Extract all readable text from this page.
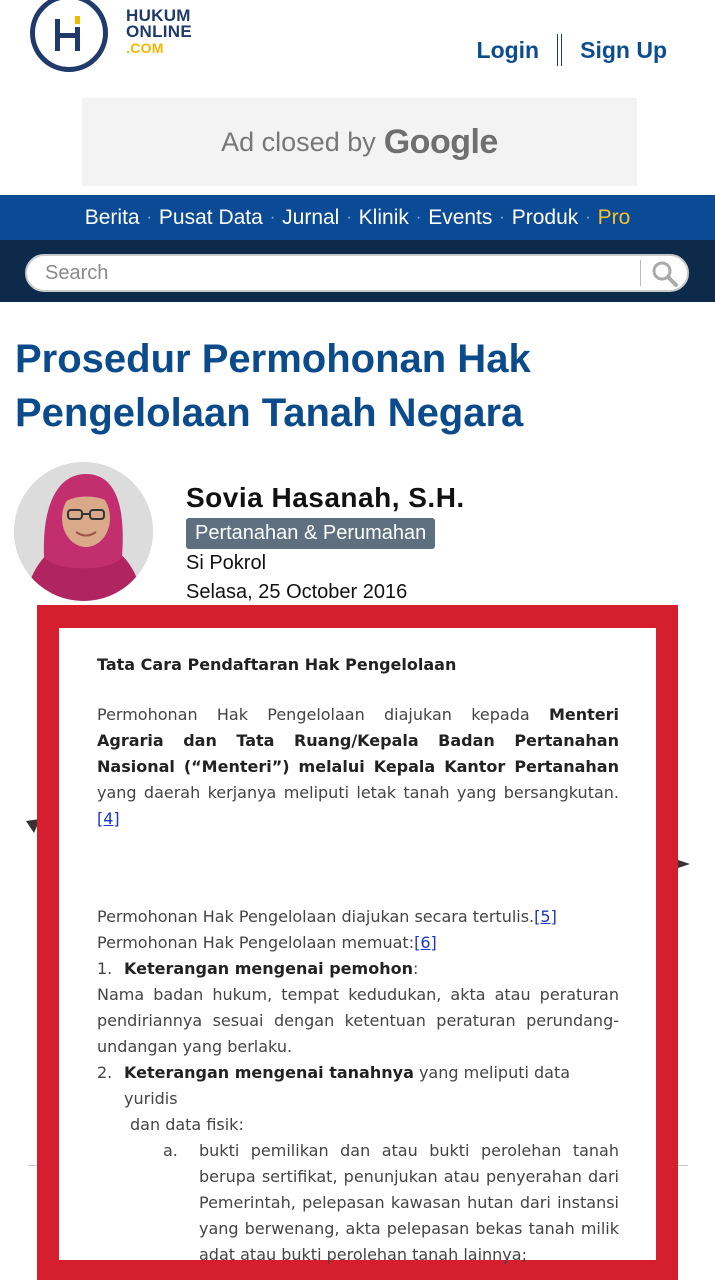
HUKUM
ONLINE
.COM	Login Sign Up
Ad closed by Google
Berita · Pusat Data · Jurnal · Klinik · Events · Produk · Pro
Search
Prosedur Permohonan Hak Pengelolaan Tanah Negara
Sovia Hasanah, S.H.
Pertanahan & Perumahan
Si Pokrol
Selasa, 25 October 2016
Tata Cara Pendaftaran Hak Pengelolaan

Permohonan Hak Pengelolaan diajukan kepada Menteri Agraria dan Tata Ruang/Kepala Badan Pertanahan Nasional (“Menteri”) melalui Kepala Kantor Pertanahan yang daerah kerjanya meliputi letak tanah yang bersangkutan.[4]

Permohonan Hak Pengelolaan diajukan secara tertulis.[5]

Permohonan Hak Pengelolaan memuat:[6]

1. Keterangan mengenai pemohon:

Nama badan hukum, tempat kedudukan, akta atau peraturan pendiriannya sesuai dengan ketentuan peraturan perundang-undangan yang berlaku.

2. Keterangan mengenai tanahnya yang meliputi data yuridis
dan data fisik:
a.	bukti pemilikan dan atau bukti perolehan tanah berupa sertifikat, penunjukan atau penyerahan dari Pemerintah, pelepasan kawasan hutan dari instansi yang berwenang, akta pelepasan bekas tanah milik adat atau bukti perolehan tanah lainnya;
